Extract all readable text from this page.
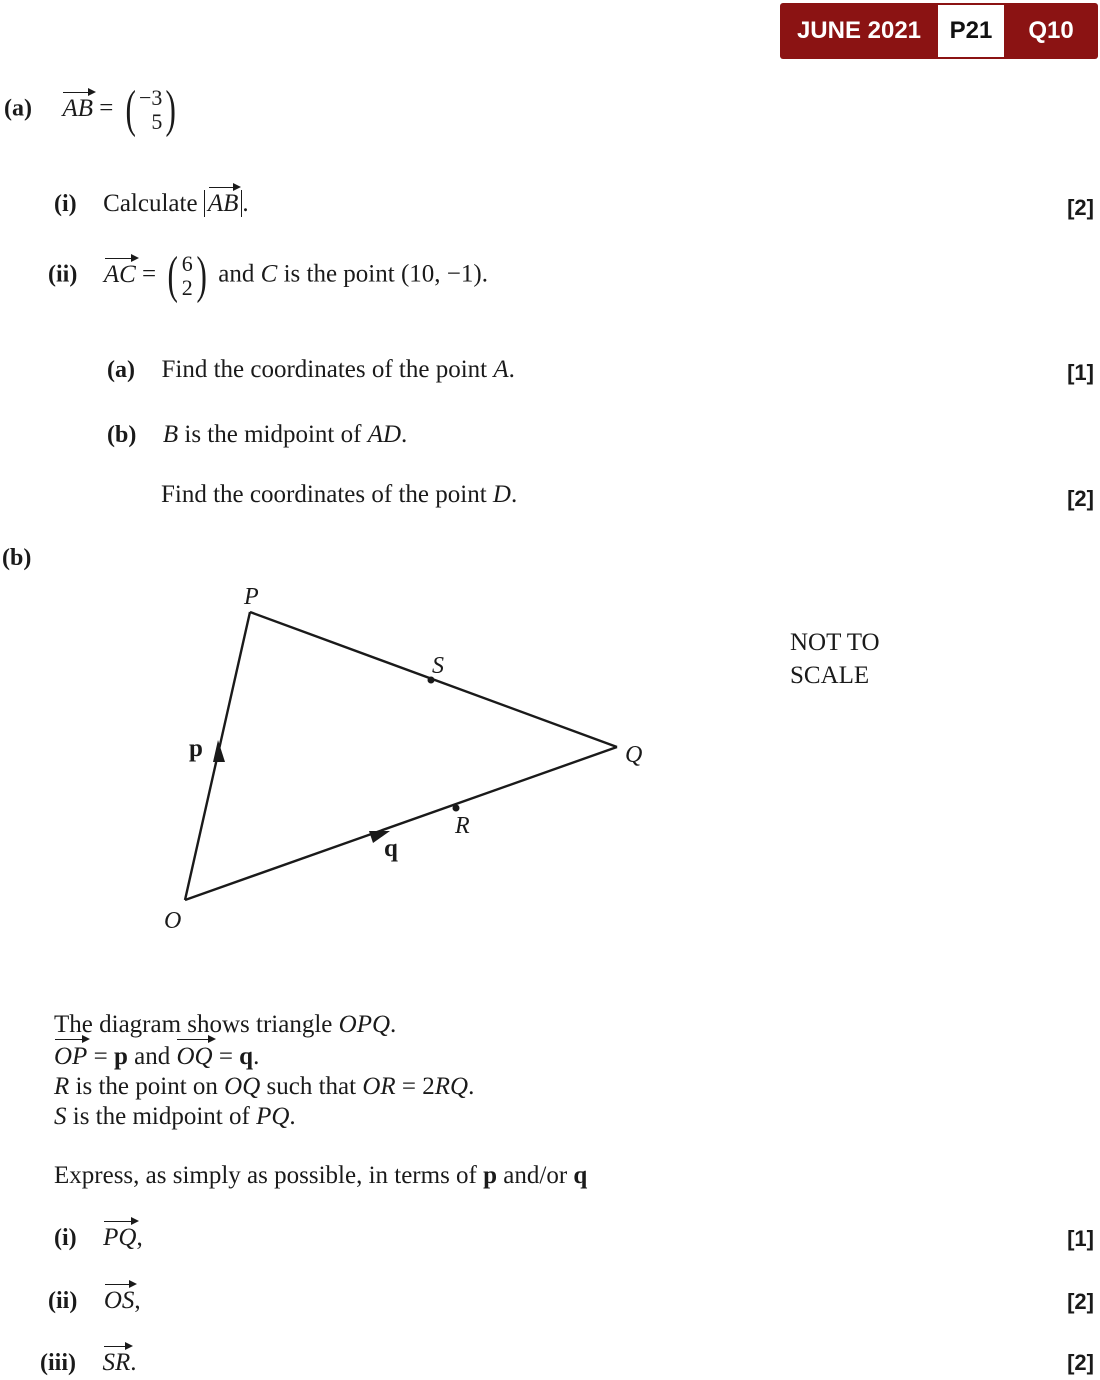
JUNE 2021	P21	Q10
(a) AB = ( −3
5 )
(i) Calculate AB .	[2]
(ii) AC = ( 6
2 ) and C is the point (10, −1).
(a) Find the coordinates of the point A.	[1]
(b) B is the midpoint of AD.
Find the coordinates of the point D.	[2]
(b)
P
S
Q
R
O
p
q
NOT TO
SCALE
The diagram shows triangle OPQ.
OP = p and OQ = q.
R is the point on OQ such that OR = 2RQ.
S is the midpoint of PQ.
Express, as simply as possible, in terms of p and/or q
(i) PQ,	[1]
(ii) OS,	[2]
(iii) SR.	[2]
